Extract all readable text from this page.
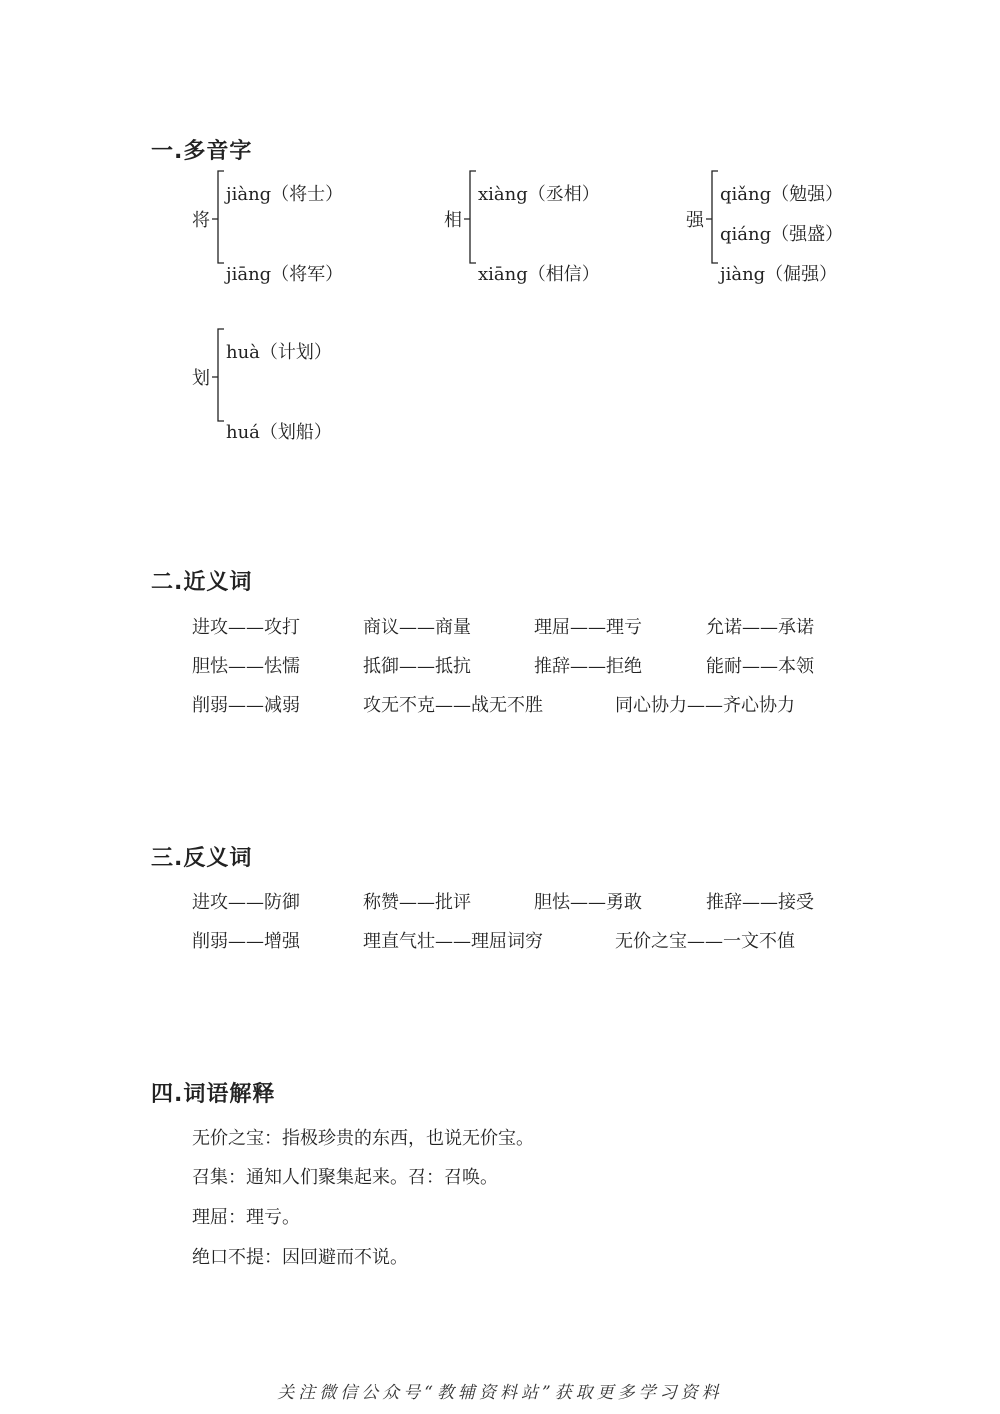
一.多音字
将
jiàng（将士）
jiāng（将军）
相
xiàng（丞相）
xiāng（相信）
强
qiǎng（勉强）
qiáng（强盛）
jiàng（倔强）
划
huà（计划）
huá（划船）
二.近义词
进攻——攻打	商议——商量	理屈——理亏	允诺——承诺
胆怯——怯懦	抵御——抵抗	推辞——拒绝	能耐——本领
削弱——减弱	攻无不克——战无不胜	同心协力——齐心协力
三.反义词
进攻——防御	称赞——批评	胆怯——勇敢	推辞——接受
削弱——增强	理直气壮——理屈词穷	无价之宝——一文不值
四.词语解释
无价之宝：指极珍贵的东西，也说无价宝。
召集：通知人们聚集起来。召：召唤。
理屈：理亏。
绝口不提：因回避而不说。
关注微信公众号“教辅资料站”获取更多学习资料
